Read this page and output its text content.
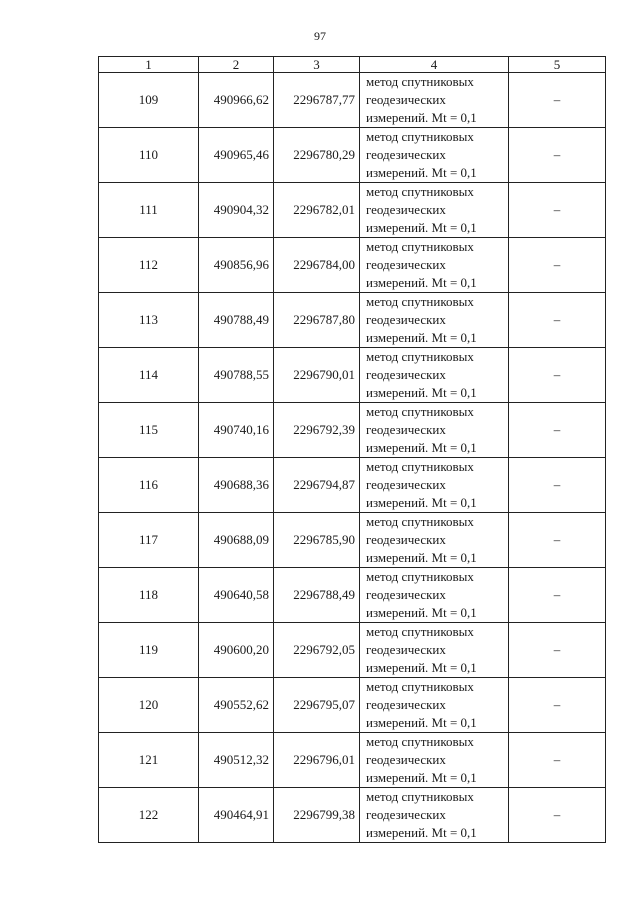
97
1	2	3	4	5
109	490966,62	2296787,77	метод спутниковых
геодезических
измерений. Mt = 0,1	–
110	490965,46	2296780,29	метод спутниковых
геодезических
измерений. Mt = 0,1	–
111	490904,32	2296782,01	метод спутниковых
геодезических
измерений. Mt = 0,1	–
112	490856,96	2296784,00	метод спутниковых
геодезических
измерений. Mt = 0,1	–
113	490788,49	2296787,80	метод спутниковых
геодезических
измерений. Mt = 0,1	–
114	490788,55	2296790,01	метод спутниковых
геодезических
измерений. Mt = 0,1	–
115	490740,16	2296792,39	метод спутниковых
геодезических
измерений. Mt = 0,1	–
116	490688,36	2296794,87	метод спутниковых
геодезических
измерений. Mt = 0,1	–
117	490688,09	2296785,90	метод спутниковых
геодезических
измерений. Mt = 0,1	–
118	490640,58	2296788,49	метод спутниковых
геодезических
измерений. Mt = 0,1	–
119	490600,20	2296792,05	метод спутниковых
геодезических
измерений. Mt = 0,1	–
120	490552,62	2296795,07	метод спутниковых
геодезических
измерений. Mt = 0,1	–
121	490512,32	2296796,01	метод спутниковых
геодезических
измерений. Mt = 0,1	–
122	490464,91	2296799,38	метод спутниковых
геодезических
измерений. Mt = 0,1	–
